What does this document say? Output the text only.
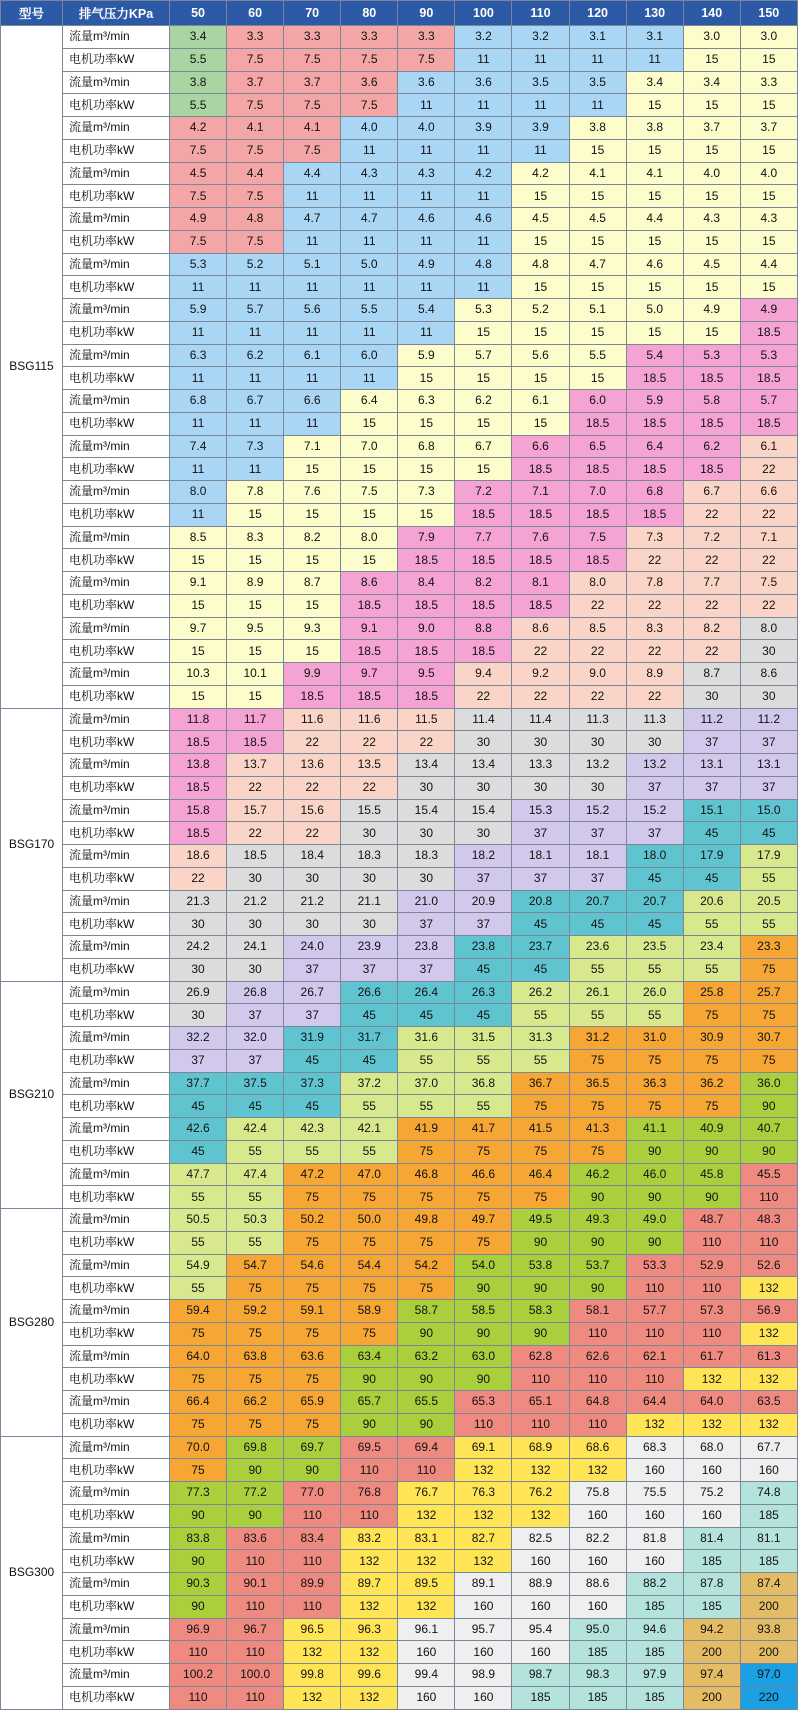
型号	排气压力KPa	50	60	70	80	90	100	110	120	130	140	150
BSG115	流量m³/min	3.4	3.3	3.3	3.3	3.3	3.2	3.2	3.1	3.1	3.0	3.0
	电机功率kW	5.5	7.5	7.5	7.5	7.5	11	11	11	11	15	15
	流量m³/min	3.8	3.7	3.7	3.6	3.6	3.6	3.5	3.5	3.4	3.4	3.3
	电机功率kW	5.5	7.5	7.5	7.5	11	11	11	11	15	15	15
	流量m³/min	4.2	4.1	4.1	4.0	4.0	3.9	3.9	3.8	3.8	3.7	3.7
	电机功率kW	7.5	7.5	7.5	11	11	11	11	15	15	15	15
	流量m³/min	4.5	4.4	4.4	4.3	4.3	4.2	4.2	4.1	4.1	4.0	4.0
	电机功率kW	7.5	7.5	11	11	11	11	15	15	15	15	15
	流量m³/min	4.9	4.8	4.7	4.7	4.6	4.6	4.5	4.5	4.4	4.3	4.3
	电机功率kW	7.5	7.5	11	11	11	11	15	15	15	15	15
	流量m³/min	5.3	5.2	5.1	5.0	4.9	4.8	4.8	4.7	4.6	4.5	4.4
	电机功率kW	11	11	11	11	11	11	15	15	15	15	15
	流量m³/min	5.9	5.7	5.6	5.5	5.4	5.3	5.2	5.1	5.0	4.9	4.9
	电机功率kW	11	11	11	11	11	15	15	15	15	15	18.5
	流量m³/min	6.3	6.2	6.1	6.0	5.9	5.7	5.6	5.5	5.4	5.3	5.3
	电机功率kW	11	11	11	11	15	15	15	15	18.5	18.5	18.5
	流量m³/min	6.8	6.7	6.6	6.4	6.3	6.2	6.1	6.0	5.9	5.8	5.7
	电机功率kW	11	11	11	15	15	15	15	18.5	18.5	18.5	18.5
	流量m³/min	7.4	7.3	7.1	7.0	6.8	6.7	6.6	6.5	6.4	6.2	6.1
	电机功率kW	11	11	15	15	15	15	18.5	18.5	18.5	18.5	22
	流量m³/min	8.0	7.8	7.6	7.5	7.3	7.2	7.1	7.0	6.8	6.7	6.6
	电机功率kW	11	15	15	15	15	18.5	18.5	18.5	18.5	22	22
	流量m³/min	8.5	8.3	8.2	8.0	7.9	7.7	7.6	7.5	7.3	7.2	7.1
	电机功率kW	15	15	15	15	18.5	18.5	18.5	18.5	22	22	22
	流量m³/min	9.1	8.9	8.7	8.6	8.4	8.2	8.1	8.0	7.8	7.7	7.5
	电机功率kW	15	15	15	18.5	18.5	18.5	18.5	22	22	22	22
	流量m³/min	9.7	9.5	9.3	9.1	9.0	8.8	8.6	8.5	8.3	8.2	8.0
	电机功率kW	15	15	15	18.5	18.5	18.5	22	22	22	22	30
	流量m³/min	10.3	10.1	9.9	9.7	9.5	9.4	9.2	9.0	8.9	8.7	8.6
	电机功率kW	15	15	18.5	18.5	18.5	22	22	22	22	30	30
BSG170	流量m³/min	11.8	11.7	11.6	11.6	11.5	11.4	11.4	11.3	11.3	11.2	11.2
	电机功率kW	18.5	18.5	22	22	22	30	30	30	30	37	37
	流量m³/min	13.8	13.7	13.6	13.5	13.4	13.4	13.3	13.2	13.2	13.1	13.1
	电机功率kW	18.5	22	22	22	30	30	30	30	37	37	37
	流量m³/min	15.8	15.7	15.6	15.5	15.4	15.4	15.3	15.2	15.2	15.1	15.0
	电机功率kW	18.5	22	22	30	30	30	37	37	37	45	45
	流量m³/min	18.6	18.5	18.4	18.3	18.3	18.2	18.1	18.1	18.0	17.9	17.9
	电机功率kW	22	30	30	30	30	37	37	37	45	45	55
	流量m³/min	21.3	21.2	21.2	21.1	21.0	20.9	20.8	20.7	20.7	20.6	20.5
	电机功率kW	30	30	30	30	37	37	45	45	45	55	55
	流量m³/min	24.2	24.1	24.0	23.9	23.8	23.8	23.7	23.6	23.5	23.4	23.3
	电机功率kW	30	30	37	37	37	45	45	55	55	55	75
BSG210	流量m³/min	26.9	26.8	26.7	26.6	26.4	26.3	26.2	26.1	26.0	25.8	25.7
	电机功率kW	30	37	37	45	45	45	55	55	55	75	75
	流量m³/min	32.2	32.0	31.9	31.7	31.6	31.5	31.3	31.2	31.0	30.9	30.7
	电机功率kW	37	37	45	45	55	55	55	75	75	75	75
	流量m³/min	37.7	37.5	37.3	37.2	37.0	36.8	36.7	36.5	36.3	36.2	36.0
	电机功率kW	45	45	45	55	55	55	75	75	75	75	90
	流量m³/min	42.6	42.4	42.3	42.1	41.9	41.7	41.5	41.3	41.1	40.9	40.7
	电机功率kW	45	55	55	55	75	75	75	75	90	90	90
	流量m³/min	47.7	47.4	47.2	47.0	46.8	46.6	46.4	46.2	46.0	45.8	45.5
	电机功率kW	55	55	75	75	75	75	75	90	90	90	110
BSG280	流量m³/min	50.5	50.3	50.2	50.0	49.8	49.7	49.5	49.3	49.0	48.7	48.3
	电机功率kW	55	55	75	75	75	75	90	90	90	110	110
	流量m³/min	54.9	54.7	54.6	54.4	54.2	54.0	53.8	53.7	53.3	52.9	52.6
	电机功率kW	55	75	75	75	75	90	90	90	110	110	132
	流量m³/min	59.4	59.2	59.1	58.9	58.7	58.5	58.3	58.1	57.7	57.3	56.9
	电机功率kW	75	75	75	75	90	90	90	110	110	110	132
	流量m³/min	64.0	63.8	63.6	63.4	63.2	63.0	62.8	62.6	62.1	61.7	61.3
	电机功率kW	75	75	75	90	90	90	110	110	110	132	132
	流量m³/min	66.4	66.2	65.9	65.7	65.5	65.3	65.1	64.8	64.4	64.0	63.5
	电机功率kW	75	75	75	90	90	110	110	110	132	132	132
BSG300	流量m³/min	70.0	69.8	69.7	69.5	69.4	69.1	68.9	68.6	68.3	68.0	67.7
	电机功率kW	75	90	90	110	110	132	132	132	160	160	160
	流量m³/min	77.3	77.2	77.0	76.8	76.7	76.3	76.2	75.8	75.5	75.2	74.8
	电机功率kW	90	90	110	110	132	132	132	160	160	160	185
	流量m³/min	83.8	83.6	83.4	83.2	83.1	82.7	82.5	82.2	81.8	81.4	81.1
	电机功率kW	90	110	110	132	132	132	160	160	160	185	185
	流量m³/min	90.3	90.1	89.9	89.7	89.5	89.1	88.9	88.6	88.2	87.8	87.4
	电机功率kW	90	110	110	132	132	160	160	160	185	185	200
	流量m³/min	96.9	96.7	96.5	96.3	96.1	95.7	95.4	95.0	94.6	94.2	93.8
	电机功率kW	110	110	132	132	160	160	160	185	185	200	200
	流量m³/min	100.2	100.0	99.8	99.6	99.4	98.9	98.7	98.3	97.9	97.4	97.0
	电机功率kW	110	110	132	132	160	160	185	185	185	200	220
